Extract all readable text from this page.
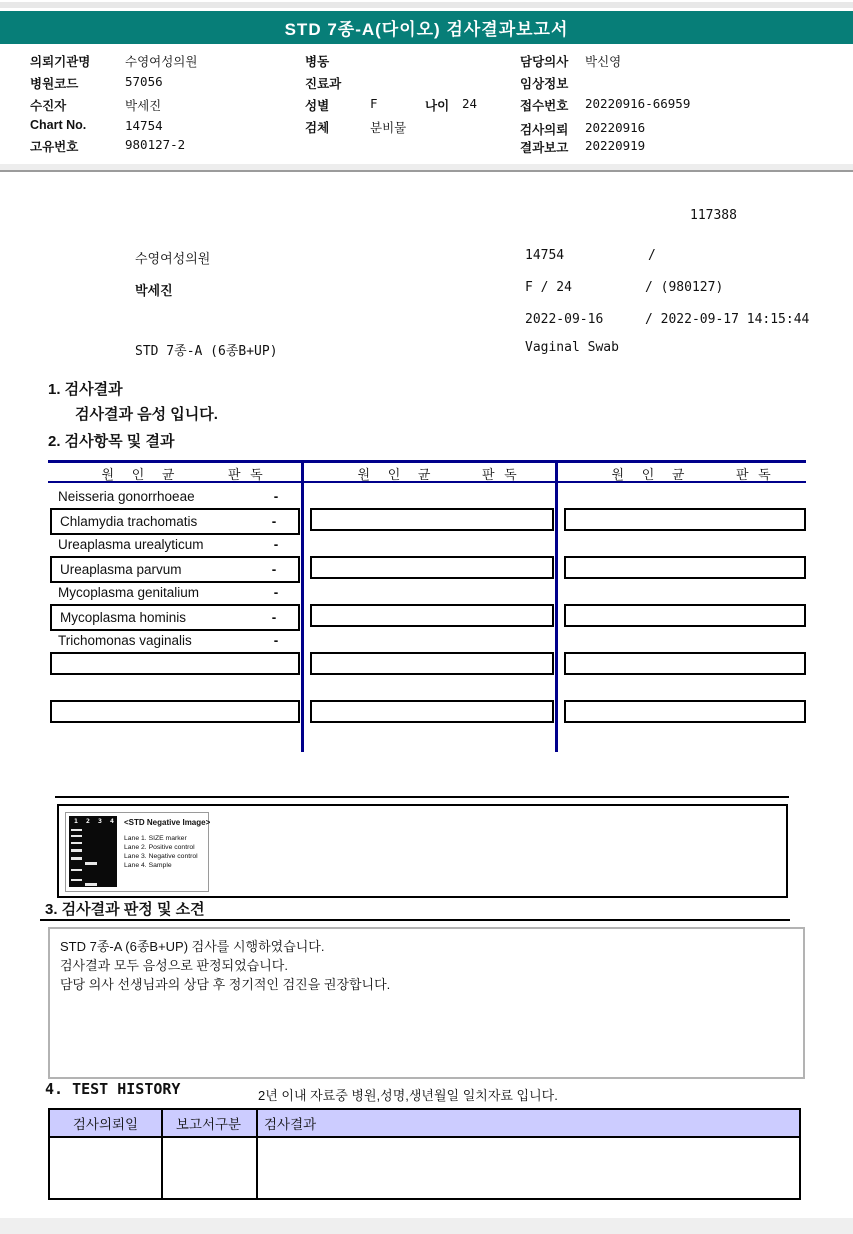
STD 7종-A(다이오) 검사결과보고서
의뢰기관명	수영여성의원
병원코드	57056
수진자	박세진
Chart No.	14754
고유번호	980127-2
병동
진료과
성별	F	나이 24
검체	분비물
담당의사 박신영
임상정보
접수번호 20220916-66959
검사의뢰 20220916
결과보고 20220919
117388
수영여성의원	14754	/
박세진	F / 24	/ (980127)
2022-09-16	/ 2022-09-17 14:15:44
STD 7종-A (6종B+UP)	Vaginal Swab
1. 검사결과
검사결과 음성 입니다.
2. 검사항목 및 결과
원 인 균	판 독	원 인 균	판 독	원 인 균	판 독
Neisseria gonorrhoeae	-
Chlamydia trachomatis	-
Ureaplasma urealyticum	-
Ureaplasma parvum	-
Mycoplasma genitalium	-
Mycoplasma hominis	-
Trichomonas vaginalis	-
1	2	3	4	<STD Negative Image>
Lane 1. SIZE marker
Lane 2. Positive control
Lane 3. Negative control
Lane 4. Sample
3. 검사결과 판정 및 소견
STD 7종-A (6종B+UP) 검사를 시행하였습니다.
검사결과 모두 음성으로 판정되었습니다.
담당 의사 선생님과의 상담 후 정기적인 검진을 권장합니다.
4. TEST HISTORY	2년 이내 자료중 병원,성명,생년월일 일치자료 입니다.
검사의뢰일	보고서구분	검사결과
